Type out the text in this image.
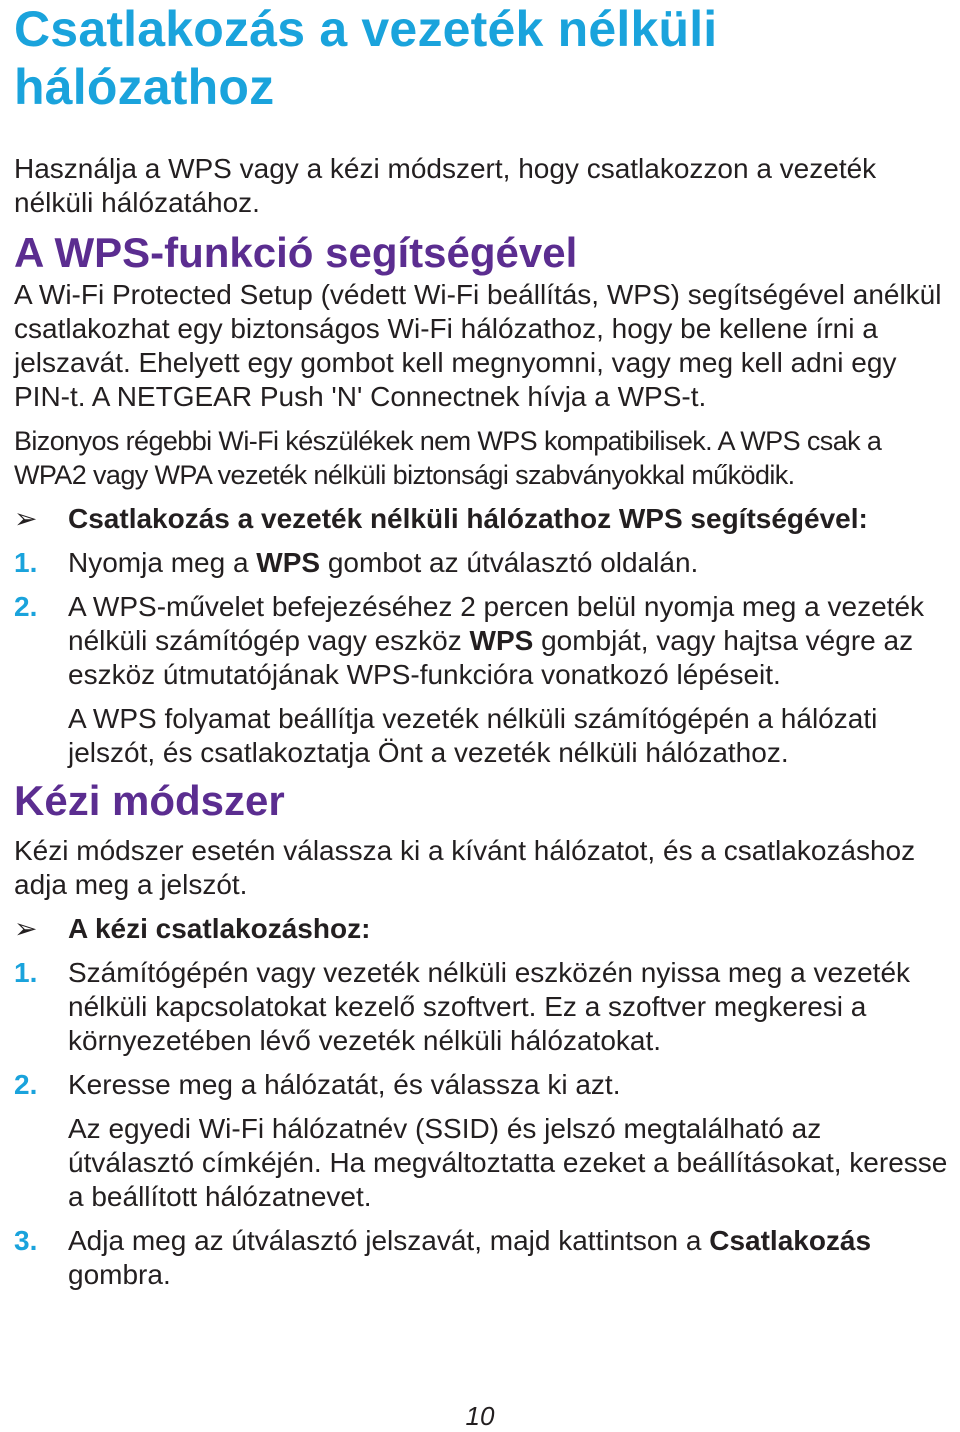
Csatlakozás a vezeték nélküli hálózathoz

Használja a WPS vagy a kézi módszert, hogy csatlakozzon a vezeték nélküli hálózatához.

A WPS-funkció segítségével

A Wi-Fi Protected Setup (védett Wi-Fi beállítás, WPS) segítségével anélkül csatlakozhat egy biztonságos Wi-Fi hálózathoz, hogy be kellene írni a jelszavát. Ehelyett egy gombot kell megnyomni, vagy meg kell adni egy PIN-t. A NETGEAR Push 'N' Connectnek hívja a WPS-t.

Bizonyos régebbi Wi-Fi készülékek nem WPS kompatibilisek. A WPS csak a WPA2 vagy WPA vezeték nélküli biztonsági szabványokkal működik.

➢	Csatlakozás a vezeték nélküli hálózathoz WPS segítségével:
1.	Nyomja meg a WPS gombot az útválasztó oldalán.
2.	A WPS-művelet befejezéséhez 2 percen belül nyomja meg a vezeték nélküli számítógép vagy eszköz WPS gombját, vagy hajtsa végre az eszköz útmutatójának WPS-funkcióra vonatkozó lépéseit.

A WPS folyamat beállítja vezeték nélküli számítógépén a hálózati jelszót, és csatlakoztatja Önt a vezeték nélküli hálózathoz.

Kézi módszer

Kézi módszer esetén válassza ki a kívánt hálózatot, és a csatlakozáshoz adja meg a jelszót.

➢	A kézi csatlakozáshoz:
1.	Számítógépén vagy vezeték nélküli eszközén nyissa meg a vezeték nélküli kapcsolatokat kezelő szoftvert. Ez a szoftver megkeresi a környezetében lévő vezeték nélküli hálózatokat.
2.	Keresse meg a hálózatát, és válassza ki azt.

Az egyedi Wi-Fi hálózatnév (SSID) és jelszó megtalálható az útválasztó címkéjén. Ha megváltoztatta ezeket a beállításokat, keresse a beállított hálózatnevet.

3.	Adja meg az útválasztó jelszavát, majd kattintson a Csatlakozás gombra.
10
